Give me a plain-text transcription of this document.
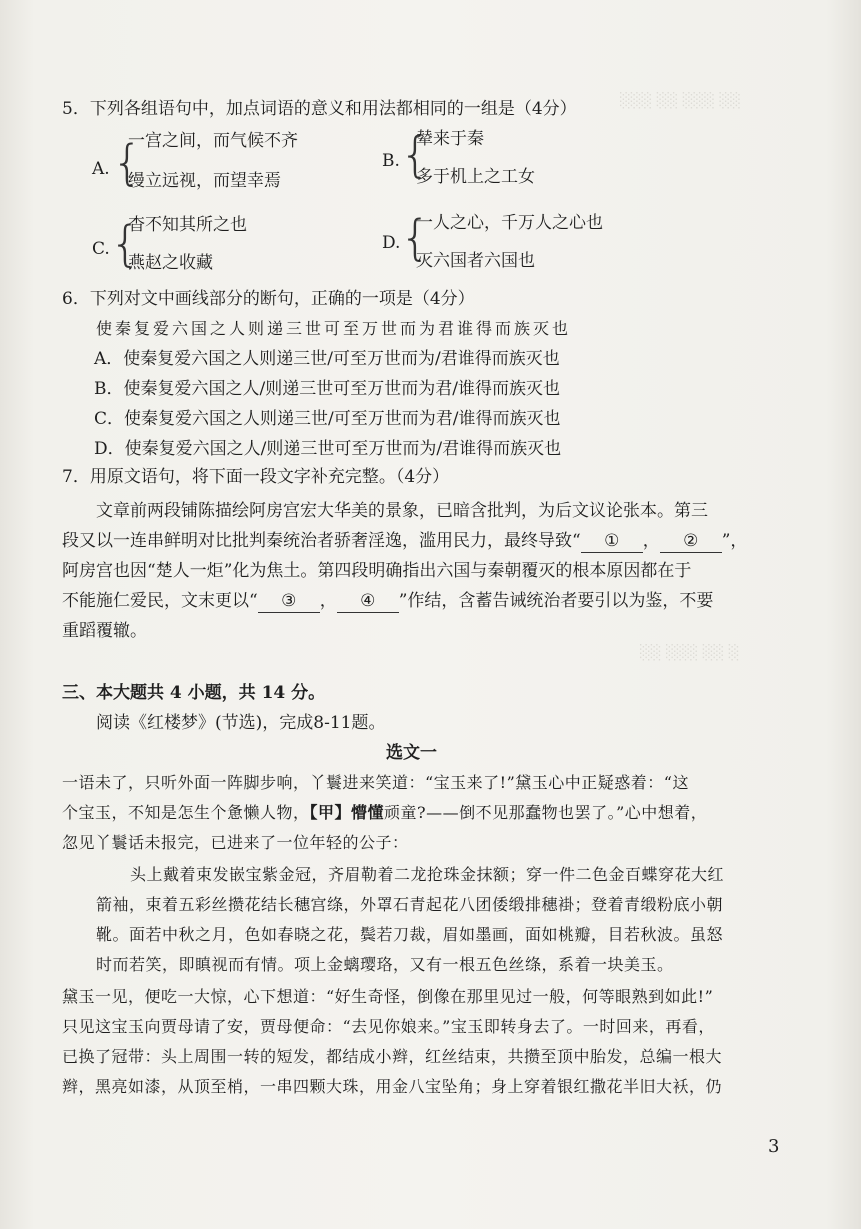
░░░ ░░ ░░░ ░░
░░ ░░░ ░░ ░
5．下列各组语句中，加点词语的意义和用法都相同的一组是（4分）
A. {
一宫之间，而气候不齐
缦立远视，而望幸焉
B. {
辇来于秦
多于机上之工女
C. {
杳不知其所之也
燕赵之收藏
D. {
一人之心，千万人之心也
灭六国者六国也
6．下列对文中画线部分的断句，正确的一项是（4分）
使秦复爱六国之人则递三世可至万世而为君谁得而族灭也
A．使秦复爱六国之人则递三世/可至万世而为/君谁得而族灭也
B．使秦复爱六国之人/则递三世可至万世而为君/谁得而族灭也
C．使秦复爱六国之人则递三世/可至万世而为君/谁得而族灭也
D．使秦复爱六国之人/则递三世可至万世而为/君谁得而族灭也
7．用原文语句，将下面一段文字补充完整。（4分）
文章前两段铺陈描绘阿房宫宏大华美的景象，已暗含批判，为后文议论张本。第三
段又以一连串鲜明对比批判秦统治者骄奢淫逸，滥用民力，最终导致“ ① ， ② ”，
阿房宫也因“楚人一炬”化为焦土。第四段明确指出六国与秦朝覆灭的根本原因都在于
不能施仁爱民，文末更以“ ③ ， ④ ”作结，含蓄告诫统治者要引以为鉴，不要
重蹈覆辙。
三、本大题共 4 小题，共 14 分。
阅读《红楼梦》(节选)，完成8-11题。
选文一
一语未了，只听外面一阵脚步响，丫鬟进来笑道：“宝玉来了!”黛玉心中正疑惑着：“这
个宝玉，不知是怎生个惫懒人物，【甲】懵懂顽童?——倒不见那蠢物也罢了。”心中想着，
忽见丫鬟话未报完，已进来了一位年轻的公子：
头上戴着束发嵌宝紫金冠，齐眉勒着二龙抢珠金抹额；穿一件二色金百蝶穿花大红
箭袖，束着五彩丝攒花结长穗宫绦，外罩石青起花八团倭缎排穗褂；登着青缎粉底小朝
靴。面若中秋之月，色如春晓之花，鬓若刀裁，眉如墨画，面如桃瓣，目若秋波。虽怒
时而若笑，即瞋视而有情。项上金螭璎珞，又有一根五色丝绦，系着一块美玉。
黛玉一见，便吃一大惊，心下想道：“好生奇怪，倒像在那里见过一般，何等眼熟到如此!”
只见这宝玉向贾母请了安，贾母便命：“去见你娘来。”宝玉即转身去了。一时回来，再看，
已换了冠带：头上周围一转的短发，都结成小辫，红丝结束，共攒至顶中胎发，总编一根大
辫，黑亮如漆，从顶至梢，一串四颗大珠，用金八宝坠角；身上穿着银红撒花半旧大袄，仍
3
